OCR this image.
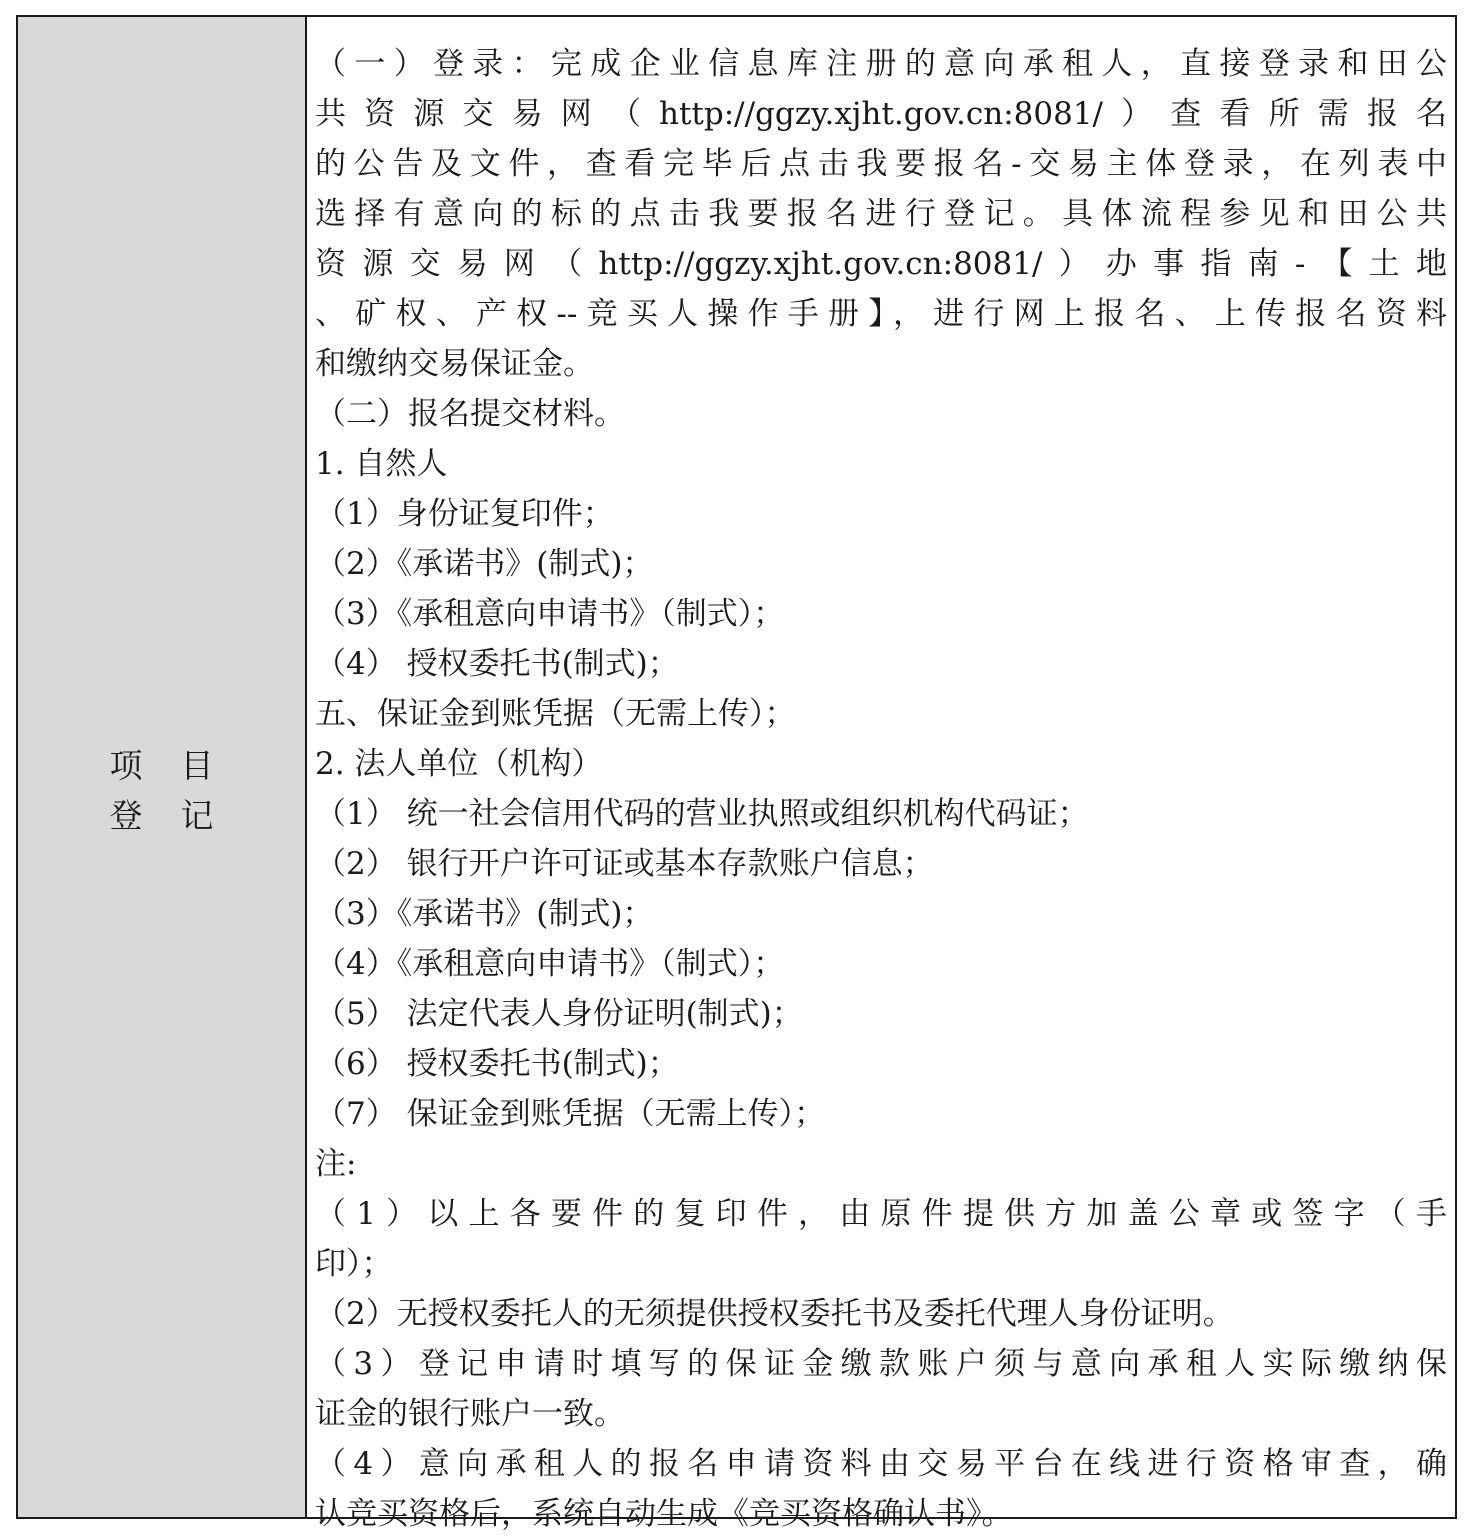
项目
登记
（一）登录：完成企业信息库注册的意向承租人，直接登录和田公
共资源交易网（http://ggzy.xjht.gov.cn:8081/）查看所需报名
的公告及文件，查看完毕后点击我要报名-交易主体登录，在列表中
选择有意向的标的点击我要报名进行登记。具体流程参见和田公共
资源交易网（http://ggzy.xjht.gov.cn:8081/）办事指南-【土地
、矿权、产权--竞买人操作手册】，进行网上报名、上传报名资料
和缴纳交易保证金。
（二）报名提交材料。
1. 自然人
（1）身份证复印件；
（2）《承诺书》(制式)；
（3）《承租意向申请书》（制式）；
（4） 授权委托书(制式)；
五、保证金到账凭据（无需上传）；
2. 法人单位（机构）
（1） 统一社会信用代码的营业执照或组织机构代码证；
（2） 银行开户许可证或基本存款账户信息；
（3）《承诺书》(制式)；
（4）《承租意向申请书》（制式）；
（5） 法定代表人身份证明(制式)；
（6） 授权委托书(制式)；
（7） 保证金到账凭据（无需上传）；
注:
（1）以上各要件的复印件，由原件提供方加盖公章或签字（手
印）；
（2）无授权委托人的无须提供授权委托书及委托代理人身份证明。
（3）登记申请时填写的保证金缴款账户须与意向承租人实际缴纳保
证金的银行账户一致。
（4）意向承租人的报名申请资料由交易平台在线进行资格审查，确
认竞买资格后，系统自动生成《竞买资格确认书》。
